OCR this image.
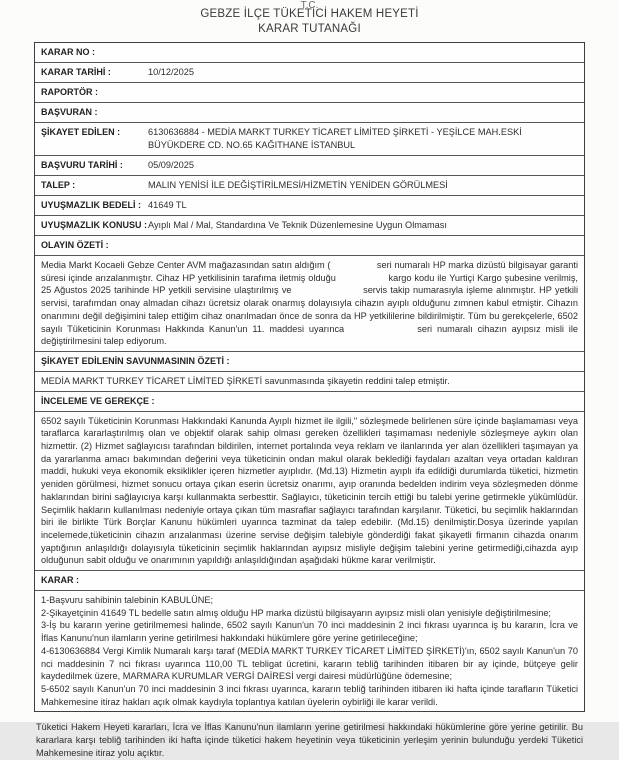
T.C.
GEBZE İLÇE TÜKETİCİ HAKEM HEYETİ
KARAR TUTANAĞI
KARAR NO :
KARAR TARİHİ :	10/12/2025
RAPORTÖR :
BAŞVURAN :
ŞİKAYET EDİLEN :	6130636884 - MEDİA MARKT TURKEY TİCARET LİMİTED ŞİRKETİ - YEŞİLCE MAH.ESKİ BÜYÜKDERE CD. NO.65 KAĞITHANE İSTANBUL
BAŞVURU TARİHİ :	05/09/2025
TALEP :	MALIN YENİSİ İLE DEĞİŞTİRİLMESİ/HİZMETİN YENİDEN GÖRÜLMESİ
UYUŞMAZLIK BEDELİ : 41649 TL
UYUŞMAZLIK KONUSU : Ayıplı Mal / Mal, Standardına Ve Teknik Düzenlemesine Uygun Olmaması
OLAYIN ÖZETİ :

Media Markt Kocaeli Gebze Center AVM mağazasından satın aldığım (                 seri numaralı HP marka dizüstü bilgisayar garanti süresi içinde arızalanmıştır. Cihaz HP yetkilisinin tarafıma iletmiş olduğu                  kargo kodu ile Yurtiçi Kargo şubesine verilmiş, 25 Ağustos 2025 tarihinde HP yetkili servisine ulaştırılmış ve                      servis takip numarasıyla işleme alınmıştır. HP yetkili servisi, tarafımdan onay almadan cihazı ücretsiz olarak onarmış dolayısıyla cihazın ayıplı olduğunu zımnen kabul etmiştir. Cihazın onarımını değil değişimini talep ettiğim cihaz onarılmadan önce de sonra da HP yetkililerine bildirilmiştir. Tüm bu gerekçelerle, 6502 sayılı Tüketicinin Korunması Hakkında Kanun'un 11. maddesi uyarınca               seri numaralı cihazın ayıpsız misli ile değiştirilmesini talep ediyorum.

ŞİKAYET EDİLENİN SAVUNMASININ ÖZETİ :

MEDİA MARKT TURKEY TİCARET LİMİTED ŞİRKETİ savunmasında şikayetin reddini talep etmiştir.

İNCELEME VE GEREKÇE :

6502 sayılı Tüketicinin Korunması Hakkındaki Kanunda Ayıplı hizmet ile ilgili," sözleşmede belirlenen süre içinde başlamaması veya taraflarca kararlaştırılmış olan ve objektif olarak sahip olması gereken özellikleri taşımaması nedeniyle sözleşmeye aykırı olan hizmettir. (2) Hizmet sağlayıcısı tarafından bildirilen, internet portalında veya reklam ve ilanlarında yer alan özellikleri taşımayan ya da yararlanma amacı bakımından değerini veya tüketicinin ondan makul olarak beklediği faydaları azaltan veya ortadan kaldıran maddi, hukuki veya ekonomik eksiklikler içeren hizmetler ayıplıdır. (Md.13) Hizmetin ayıplı ifa edildiği durumlarda tüketici, hizmetin yeniden görülmesi, hizmet sonucu ortaya çıkan eserin ücretsiz onarımı, ayıp oranında bedelden indirim veya sözleşmeden dönme haklarından birini sağlayıcıya karşı kullanmakta serbesttir. Sağlayıcı, tüketicinin tercih ettiği bu talebi yerine getirmekle yükümlüdür. Seçimlik hakların kullanılması nedeniyle ortaya çıkan tüm masraflar sağlayıcı tarafından karşılanır. Tüketici, bu seçimlik haklarından biri ile birlikte Türk Borçlar Kanunu hükümleri uyarınca tazminat da talep edebilir. (Md.15) denilmiştir.Dosya üzerinde yapılan incelemede,tüketicinin cihazın arızalanması üzerine servise değişim talebiyle gönderdiği fakat şikayetli firmanın cihazda onarım yaptığının anlaşıldığı dolayısıyla tüketicinin seçimlik haklarından ayıpsız misliyle değişim talebini yerine getirmediği,cihazda ayıp olduğunun sabit olduğu ve onarımının yapıldığı anlaşıldığından aşağıdaki hükme karar verilmiştir.

KARAR :

1-Başvuru sahibinin talebinin KABULÜNE;

2-Şikayetçinin 41649 TL bedelle satın almış olduğu HP marka dizüstü bilgisayarın ayıpsız misli olan yenisiyle değiştirilmesine;

3-İş bu kararın yerine getirilmemesi halinde, 6502 sayılı Kanun'un 70 inci maddesinin 2 inci fıkrası uyarınca iş bu kararın, İcra ve İflas Kanunu'nun ilamların yerine getirilmesi hakkındaki hükümlere göre yerine getirileceğine;

4-6130636884 Vergi Kimlik Numaralı karşı taraf (MEDİA MARKT TURKEY TİCARET LİMİTED ŞİRKETİ)'ın, 6502 sayılı Kanun'un 70 nci maddesinin 7 nci fıkrası uyarınca 110,00 TL tebligat ücretini, kararın tebliğ tarihinden itibaren bir ay içinde, bütçeye gelir kaydedilmek üzere, MARMARA KURUMLAR VERGİ DAİRESİ vergi dairesi müdürlüğüne ödemesine;

5-6502 sayılı Kanun'un 70 inci maddesinin 3 inci fıkrası uyarınca, kararın tebliğ tarihinden itibaren iki hafta içinde tarafların Tüketici Mahkemesine itiraz hakları açık olmak kaydıyla toplantıya katılan üyelerin oybirliği ile karar verildi.

Tüketici Hakem Heyeti kararları, İcra ve İflas Kanunu'nun ilamların yerine getirilmesi hakkındaki hükümlerine göre yerine getirilir. Bu kararlara karşı tebliğ tarihinden iki hafta içinde tüketici hakem heyetinin veya tüketicinin yerleşim yerinin bulunduğu yerdeki Tüketici Mahkemesine itiraz yolu açıktır.
